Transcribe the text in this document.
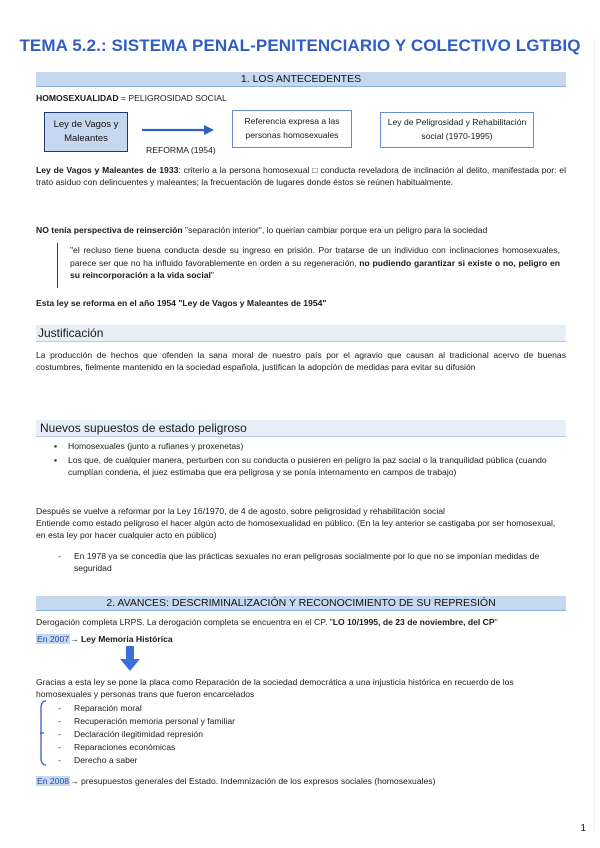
TEMA 5.2.: SISTEMA PENAL-PENITENCIARIO Y COLECTIVO LGTBIQ
1. LOS ANTECEDENTES
HOMOSEXUALIDAD = PELIGROSIDAD SOCIAL
Ley de Vagos y Maleantes
REFORMA (1954)
Referencia expresa a las personas homosexuales
Ley de Peligrosidad y Rehabilitación social (1970-1995)
Ley de Vagos y Maleantes de 1933: criterio a la persona homosexual □ conducta reveladora de inclinación al delito, manifestada por: el trato asiduo con delincuentes y maleantes; la frecuentación de lugares donde éstos se reúnen habitualmente.
NO tenía perspectiva de reinserción "separación interior", lo querían cambiar porque era un peligro para la sociedad
"el recluso tiene buena conducta desde su ingreso en prisión. Por tratarse de un individuo con inclinaciones homosexuales, parece ser que no ha influido favorablemente en orden a su regeneración, no pudiendo garantizar si existe o no, peligro en su reincorporación a la vida social"
Esta ley se reforma en el año 1954 "Ley de Vagos y Maleantes de 1954"
Justificación
La producción de hechos que ofenden la sana moral de nuestro país por el agravio que causan al tradicional acervo de buenas costumbres, fielmente mantenido en la sociedad española, justifican la adopción de medidas para evitar su difusión
Nuevos supuestos de estado peligroso
▪ Homosexuales (junto a rufianes y proxenetas)
▪ Los que, de cualquier manera, perturben con su conducta o pusieren en peligro la paz social o la tranquilidad pública (cuando cumplían condena, el juez estimaba que era peligrosa y se ponía internamento en campos de trabajo)
Después se vuelve a reformar por la Ley 16/1970, de 4 de agosto, sobre peligrosidad y rehabilitación social
Entiende como estado peligroso el hacer algún acto de homosexualidad en público. (En la ley anterior se castigaba por ser homosexual, en esta ley por hacer cualquier acto en público)
- En 1978 ya se concedía que las prácticas sexuales no eran peligrosas socialmente por lo que no se imponían medidas de seguridad
2. AVANCES: DESCRIMINALIZACIÓN Y RECONOCIMIENTO DE SU REPRESIÓN
Derogación completa LRPS. La derogación completa se encuentra en el CP. "LO 10/1995, de 23 de noviembre, del CP"
En 2007→ Ley Memoria Histórica
Gracias a esta ley se pone la placa como Reparación de la sociedad democrática a una injusticia histórica en recuerdo de los homosexuales y personas trans que fueron encarcelados
- Reparación moral
- Recuperación memoria personal y familiar
- Declaración ilegitimidad represión
- Reparaciones económicas
- Derecho a saber
En 2008→ presupuestos generales del Estado. Indemnización de los expresos sociales (homosexuales)
1
